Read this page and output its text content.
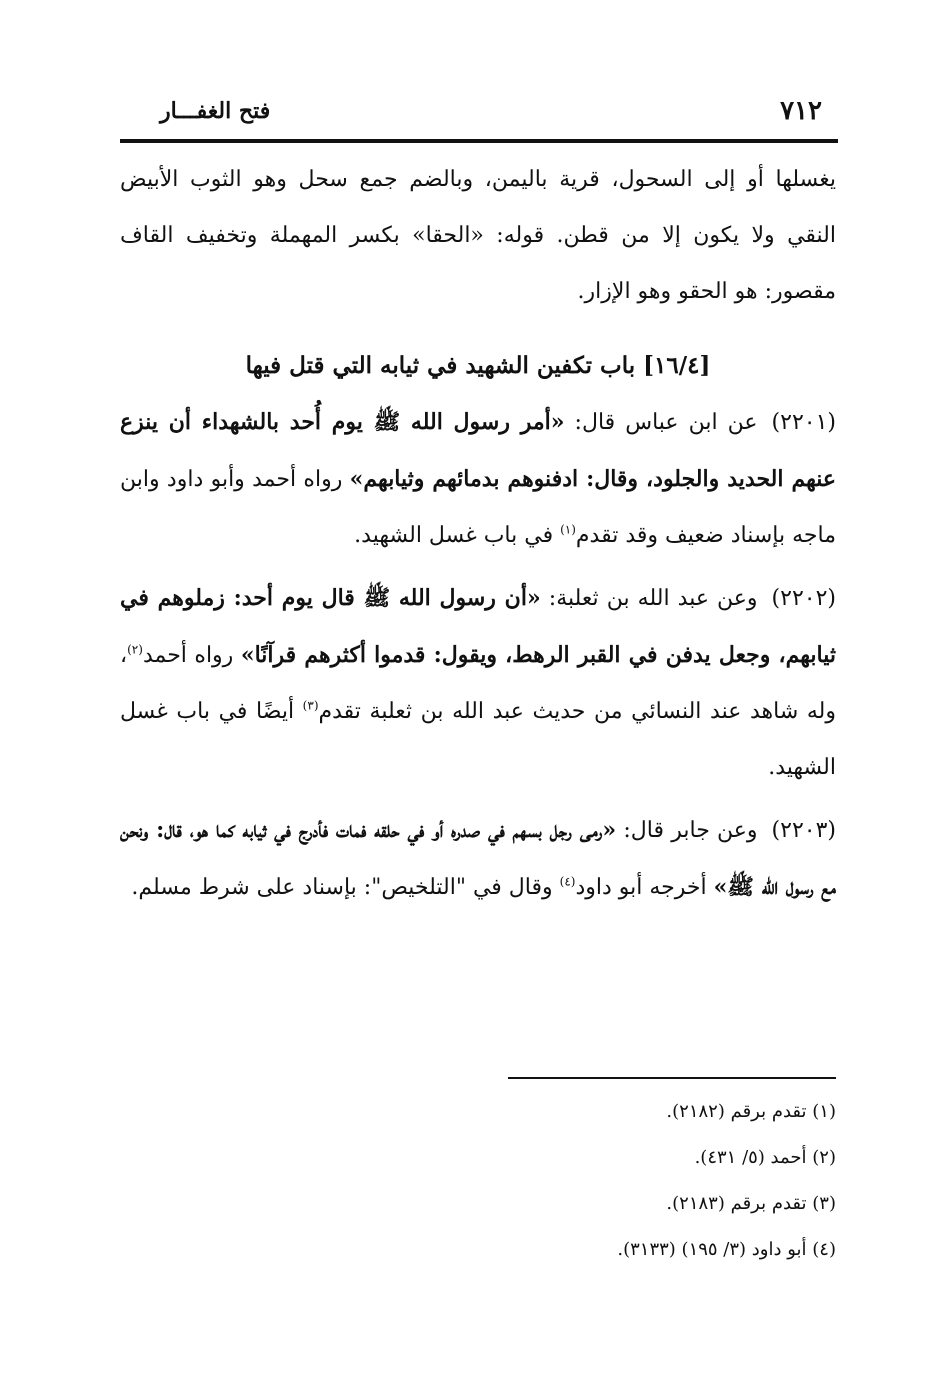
٧١٢
فتح الغفـــار

يغسلها أو إلى السحول، قرية باليمن، وبالضم جمع سحل وهو الثوب الأبيض النقي ولا يكون إلا من قطن. قوله: «الحقا» بكسر المهملة وتخفيف القاف مقصور: هو الحقو وهو الإزار.

[١٦/٤] باب تكفين الشهيد في ثيابه التي قتل فيها

(٢٢٠١)عن ابن عباس قال: «أمر رسول الله ﷺ يوم أُحد بالشهداء أن ينزع عنهم الحديد والجلود، وقال: ادفنوهم بدمائهم وثيابهم» رواه أحمد وأبو داود وابن ماجه بإسناد ضعيف وقد تقدم$^{(١)}$ في باب غسل الشهيد.

(٢٢٠٢)وعن عبد الله بن ثعلبة: «أن رسول الله ﷺ قال يوم أحد: زملوهم في ثيابهم، وجعل يدفن في القبر الرهط، ويقول: قدموا أكثرهم قرآنًا» رواه أحمد$^{(٢)}$، وله شاهد عند النسائي من حديث عبد الله بن ثعلبة تقدم$^{(٣)}$ أيضًا في باب غسل الشهيد.

(٢٢٠٣)وعن جابر قال: «رمى رجل بسهم في صدره أو في حلقه فمات فأدرج في ثيابه كما هو، قال: ونحن مع رسول الله ﷺ» أخرجه أبو داود$^{(٤)}$ وقال في "التلخيص": بإسناد على شرط مسلم.

(١) تقدم برقم (٢١٨٢).

(٢) أحمد (٥/ ٤٣١).

(٣) تقدم برقم (٢١٨٣).

(٤) أبو داود (٣/ ١٩٥) (٣١٣٣).
